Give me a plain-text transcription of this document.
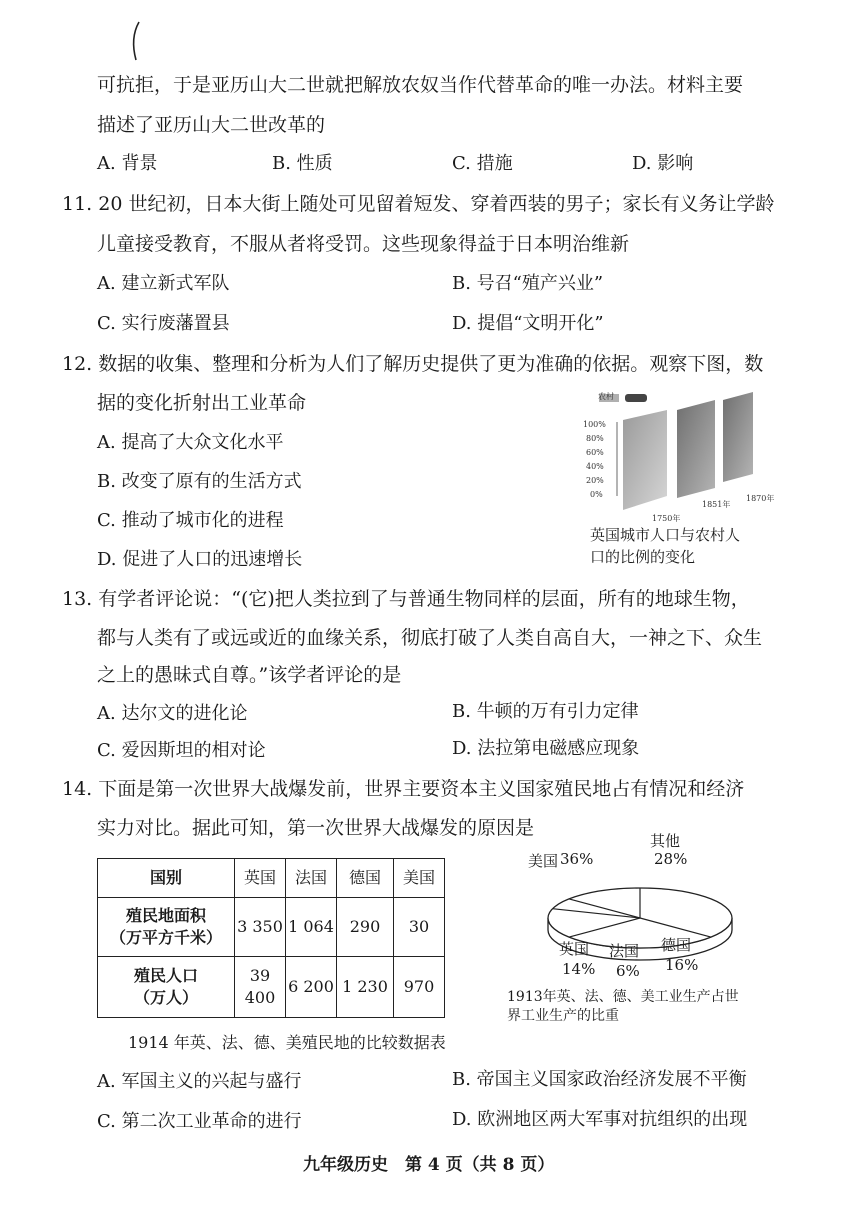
可抗拒，于是亚历山大二世就把解放农奴当作代替革命的唯一办法。材料主要
描述了亚历山大二世改革的
A. 背景	B. 性质	C. 措施	D. 影响
11. 20 世纪初，日本大街上随处可见留着短发、穿着西装的男子；家长有义务让学龄
儿童接受教育，不服从者将受罚。这些现象得益于日本明治维新
A. 建立新式军队	B. 号召“殖产兴业”
C. 实行废藩置县	D. 提倡“文明开化”
12. 数据的收集、整理和分析为人们了解历史提供了更为准确的依据。观察下图，数
据的变化折射出工业革命
A. 提高了大众文化水平
B. 改变了原有的生活方式
C. 推动了城市化的进程
D. 促进了人口的迅速增长
农村
100%
80%
60%
40%
20%
0%
1750年
1851年
1870年
英国城市人口与农村人
口的比例的变化
13. 有学者评论说：“(它)把人类拉到了与普通生物同样的层面，所有的地球生物，
都与人类有了或远或近的血缘关系，彻底打破了人类自高自大，一神之下、众生
之上的愚昧式自尊。”该学者评论的是
A. 达尔文的进化论	B. 牛顿的万有引力定律
C. 爱因斯坦的相对论	D. 法拉第电磁感应现象
14. 下面是第一次世界大战爆发前，世界主要资本主义国家殖民地占有情况和经济
实力对比。据此可知，第一次世界大战爆发的原因是
国别	英国	法国	德国	美国
殖民地面积
（万平方千米）	3 350	1 064	290	30
殖民人口
（万人）	39 400	6 200	1 230	970
1914 年英、法、德、美殖民地的比较数据表
美国 36%
其他
28%
德国
16%
法国
6%
英国
14%
1913年英、法、德、美工业生产占世界工业生产的比重
A. 军国主义的兴起与盛行	B. 帝国主义国家政治经济发展不平衡
C. 第二次工业革命的进行	D. 欧洲地区两大军事对抗组织的出现
九年级历史　第 4 页（共 8 页）
